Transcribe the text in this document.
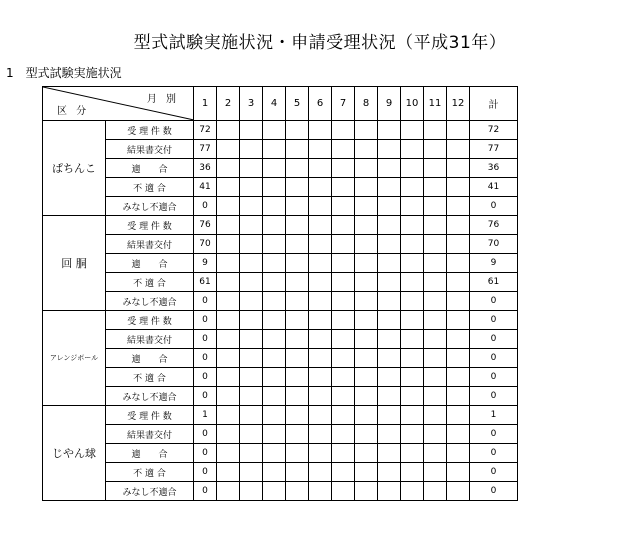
型式試験実施状況・申請受理状況（平成31年）
1　型式試験実施状況
月 別
区 分		1	2	3	4	5	6	7	8	9	10	11	12	計
ぱちんこ	受 理 件 数	72												72
	結果書交付	77												77
	適　　合	36												36
	不 適 合	41												41
	みなし不適合	0												0
回 胴	受 理 件 数	76												76
	結果書交付	70												70
	適　　合	9												9
	不 適 合	61												61
	みなし不適合	0												0
アレンジボール	受 理 件 数	0												0
	結果書交付	0												0
	適　　合	0												0
	不 適 合	0												0
	みなし不適合	0												0
じやん球	受 理 件 数	1												1
	結果書交付	0												0
	適　　合	0												0
	不 適 合	0												0
	みなし不適合	0												0
